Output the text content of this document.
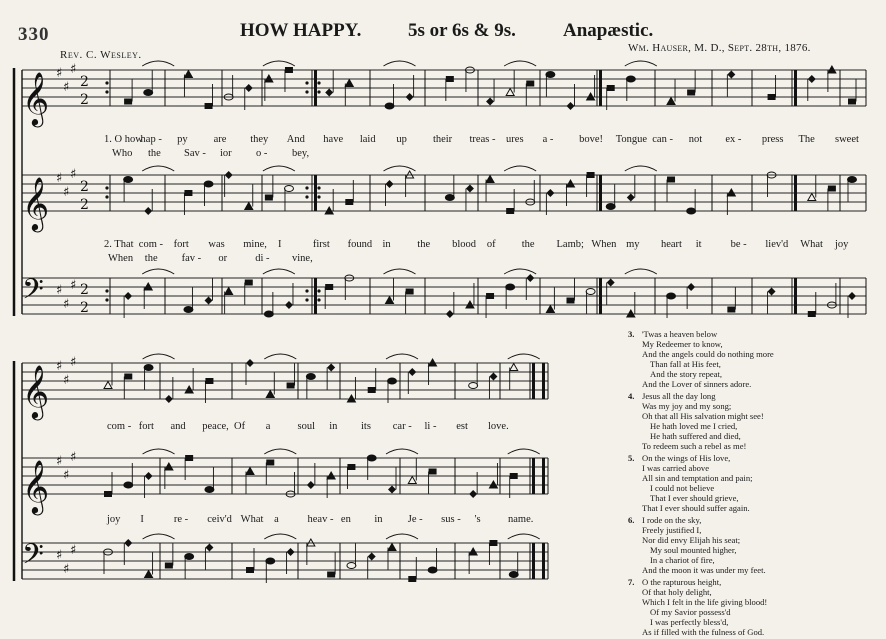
330	HOW HAPPY. 5s or 6s & 9s. Anapæstic.
Rev. C. Wesley.
Wm. Hauser, M. D., Sept. 28th, 1876.
𝄞 ♯
♯
♯
2
2
𝄞 ♯
♯
♯
2
2
𝄢 ♯
♯
♯ 2
2
𝄞 ♯
♯
♯
𝄞 ♯
♯
♯
𝄢 ♯
♯
♯
1. O how
hap - py are they And have laid up their treas - ures a - bove! Tongue can - not ex - press The sweet
Who the Sav - ior o - bey,
2. That com - fort was mine, I	first found in	the blood of the Lamb; When my heart it	be - liev'd What joy
When the fav - or	di - vine,
com - fort and peace, Of a	soul in its car - li - est love.
joy I	re - ceiv'd What a	heav - en in Je - sus - 's	name.
3. 'Twas a heaven below
My Redeemer to know,
And the angels could do nothing more
Than fall at His feet,
And the story repeat,
And the Lover of sinners adore.
4. Jesus all the day long
Was my joy and my song;
Oh that all His salvation might see!
He hath loved me I cried,
He hath suffered and died,
To redeem such a rebel as me!
5. On the wings of His love,
I was carried above
All sin and temptation and pain;
I could not believe
That I ever should grieve,
That I ever should suffer again.
6. I rode on the sky,
Freely justified I,
Nor did envy Elijah his seat;
My soul mounted higher,
In a chariot of fire,
And the moon it was under my feet.
7. O the rapturous height,
Of that holy delight,
Which I felt in the life giving blood!
Of my Savior possess'd
I was perfectly bless'd,
As if filled with the fulness of God.
